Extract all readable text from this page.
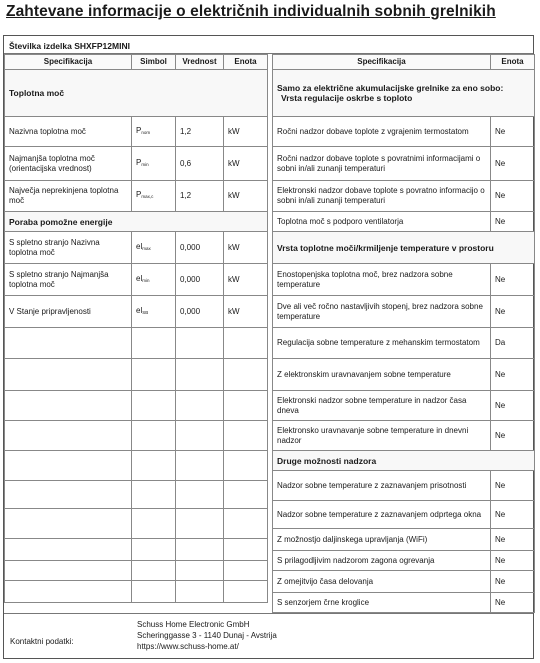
Zahtevane informacije o električnih individualnih sobnih grelnikih
Številka izdelka SHXFP12MINI
Specifikacija	Simbol	Vrednost	Enota
Toplotna moč			
Nazivna toplotna moč	$P_{nom}$	1,2	kW
Najmanjša toplotna moč (orientacijska vrednost)	$P_{min}$	0,6	kW
Največja neprekinjena toplotna moč	$P_{max,c}$	1,2	kW
Poraba pomožne energije			
S spletno stranjo Nazivna toplotna moč	$el_{max}$	0,000	kW
S spletno stranjo Najmanjša toplotna moč	$el_{min}$	0,000	kW
V Stanje pripravljenosti	$el_{SB}$	0,000	kW

Specifikacija	Enota

Samo za električne akumulacijske grelnike za eno sobo:
Vrsta regulacije oskrbe s toploto	

Ročni nadzor dobave toplote z vgrajenim termostatom	Ne
Ročni nadzor dobave toplote s povratnimi informacijami o sobni in/ali zunanji temperaturi	Ne
Elektronski nadzor dobave toplote s povratno informacijo o sobni in/ali zunanji temperaturi	Ne
Toplotna moč s podporo ventilatorja	Ne
Vrsta toplotne moči/krmiljenje temperature v prostoru	
Enostopenjska toplotna moč, brez nadzora sobne temperature	Ne
Dve ali več ročno nastavljivih stopenj, brez nadzora sobne temperature	Ne
Regulacija sobne temperature z mehanskim termostatom	Da
Z elektronskim uravnavanjem sobne temperature	Ne
Elektronski nadzor sobne temperature in nadzor časa dneva	Ne
Elektronsko uravnavanje sobne temperature in dnevni nadzor	Ne
Druge možnosti nadzora	
Nadzor sobne temperature z zaznavanjem prisotnosti	Ne
Nadzor sobne temperature z zaznavanjem odprtega okna	Ne
Z možnostjo daljinskega upravljanja (WiFi)	Ne
S prilagodljivim nadzorom zagona ogrevanja	Ne
Z omejitvijo časa delovanja	Ne
S senzorjem črne kroglice	Ne
Kontaktni podatki:
Schuss Home Electronic GmbH
Scheringgasse 3 - 1140 Dunaj - Avstrija
https://www.schuss-home.at/
